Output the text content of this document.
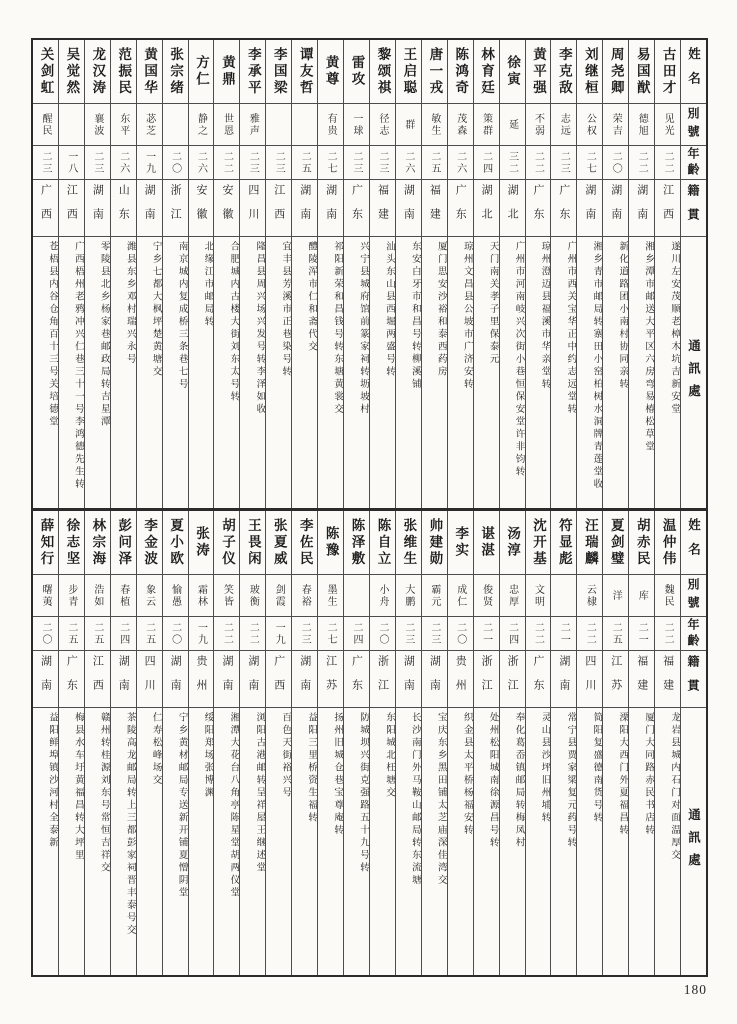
姓名
別號
年齡
籍貫
通訊處
古田才
见光
二二
江西
遂川左安茂顺老樟木坑吉新安堂
易国猷
德旭
二二
湖南
湘乡潭市邮送大平区六房弯易椿松草堂
周尧卿
荣吉
二〇
湖南
新化道路团小南村协同亲转
刘继桓
公权
二七
湖南
湘乡青市邮局转寨田小窑柏树水洞牌青莲堂收
李克敌
志远
二三
广东
广州市西关宝华正中约志远堂转
黄平强
不弱
二二
广东
琼州澄迈县福溪市华亲堂转
徐寅
延
三二
湖北
广州市河南岐兴次街小巷恒保安堂许非钧转
林育廷
策群
二四
湖北
天门南关孝子里保泰元
陈鸿奇
茂森
二六
广东
琼州文昌县公坡市广济安转
唐一戎
敏生
二五
福建
厦门思安沙裕和泰西药房
王启聪
群
二六
湖南
东安白牙市和昌号转柳溪铺
黎颂祺
径志
二三
福建
汕头东山县西堀两盛号转
雷攻
一球
二三
广东
兴宁县城府馆前篆家祠转坜坡村
黄尊
有贵
二七
湖南
祁阳新荣和昌钱号转东塘黄裳交
谭友哲
二五
湖南
醴陵浑市仁和斋代交
李国梁
二三
江西
宜丰县芳溪市正巷染号转
李承平
雅声
二三
四川
隆昌县周兴场兴发号转李泽如收
黄鼎
世恩
二二
安徽
合肥城内古楼大街刘东太号转
方仁
静之
二六
安徽
北缘江市邮局转
张宗绪
二〇
浙江
南京城内复成桥三条巷七号
黄国华
苾芝
一九
湖南
宁乡七都大枫坪楚黄塘交
范振民
东平
二六
山东
潍县东乡邓村瑞兴永号
龙汉涛
襄波
二三
湖南
零陵县北乡杨家巷邮政局转吉星潭
吴觉然
一八
江西
广西梧州老鸦冲兴仁巷三十一号李鸿德先生转
关剑虹
醒民
二三
广西
苍梧县内谷仓角百十三号关培德堂
姓名
別號
年齡
籍貫
通訊處
温仲伟
魏民
二二
福建
龙岩县城内石门对面温厚交
胡赤民
库
二一
福建
厦门大同路赤民书店转
夏剑璧
洋
二五
江苏
溧阳大西门外夏福昌转
汪瑞麟
云棣
二二
四川
简阳复盛德南货号转
符显彪
二一
湖南
常宁县贾家梁复元药号转
沈开基
文明
二二
广东
灵山县沙坪旧州埔转
汤淳
忠厚
二四
浙江
奉化葛岙镇邮局转梅凤村
谌湛
俊贤
二一
浙江
处州松阳城南徐源昌号转
李实
成仁
二〇
贵州
织金县太平桥杨福安转
帅建勋
霸元
二三
湖南
宝庆东乡黑田铺太芝庙深佳湾交
张维生
大鹏
二三
湖南
长沙南门外马鞍山邮局转东流塘
陈自立
小舟
二〇
浙江
东阳城北枉塘交
陈泽敷
二四
广东
防城坝兴街克强路五十九号转
陈豫
墨生
二七
江苏
扬州旧城仓巷宝尊庵转
李佐民
春裕
二三
湖南
益阳三里桥资生福转
张夏威
剑霞
一九
广西
百色天街裕兴号
王畏闲
玻衡
二二
湖南
浏阳古港邮转呈祥屋王继述堂
胡子仪
笑皆
二二
湖南
湘潭大花台八角亭陈星堂胡两仪堂
张涛
霜林
一九
贵州
绥阳郑场张博渊
夏小欧
愉愚
二〇
湖南
宁乡黄材邮局专送新开铺夏憎阴堂
李金波
象云
二五
四川
仁寿松峰场交
彭问泽
春植
二四
湖南
茶陵高龙邮局转上三都彭家祠晋丰泰号交
林宗海
浩如
二五
江西
赣州转桂源刘东号常恒吉祥交
徐志坚
步青
二五
广东
梅县水车圩黄福昌转大坪里
薛知行
曙荑
二〇
湖南
益阳鲜埠镇沙河村全泰新
180
